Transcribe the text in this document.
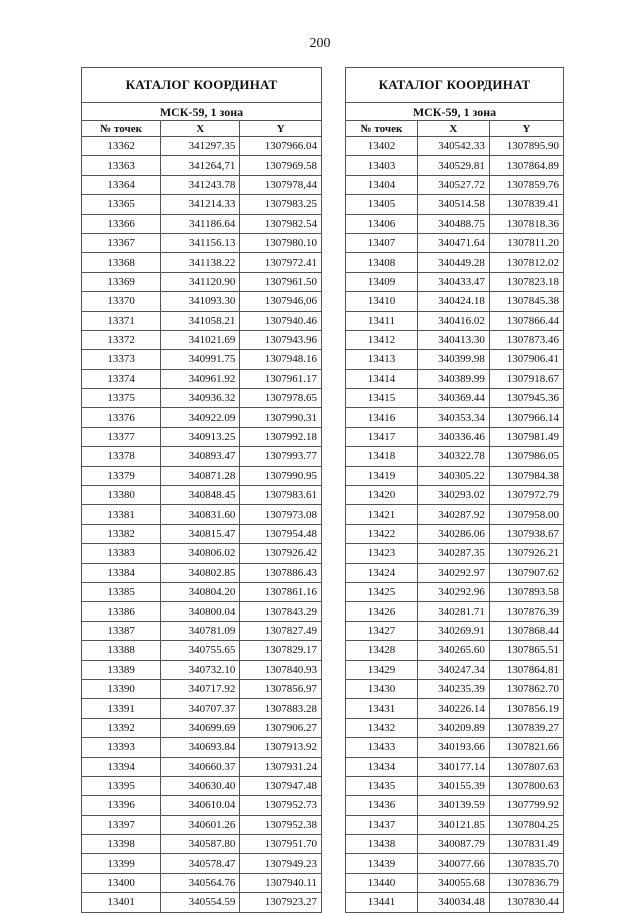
200
КАТАЛОГ КООРДИНАТ		
МСК-59, 1 зона		
№ точек	X	Y
13362	341297.35	1307966.04
13363	341264,71	1307969.58
13364	341243.78	1307978,44
13365	341214.33	1307983.25
13366	341186.64	1307982.54
13367	341156.13	1307980.10
13368	341138.22	1307972.41
13369	341120.90	1307961.50
13370	341093.30	1307946,06
13371	341058.21	1307940.46
13372	341021.69	1307943.96
13373	340991.75	1307948.16
13374	340961.92	1307961.17
13375	340936.32	1307978.65
13376	340922.09	1307990.31
13377	340913.25	1307992.18
13378	340893.47	1307993.77
13379	340871.28	1307990.95
13380	340848.45	1307983.61
13381	340831.60	1307973.08
13382	340815.47	1307954.48
13383	340806.02	1307926.42
13384	340802.85	1307886.43
13385	340804.20	1307861.16
13386	340800.04	1307843.29
13387	340781.09	1307827.49
13388	340755.65	1307829.17
13389	340732.10	1307840.93
13390	340717.92	1307856.97
13391	340707.37	1307883.28
13392	340699.69	1307906.27
13393	340693.84	1307913.92
13394	340660.37	1307931.24
13395	340630.40	1307947.48
13396	340610.04	1307952.73
13397	340601.26	1307952.38
13398	340587.80	1307951.70
13399	340578.47	1307949.23
13400	340564.76	1307940.11
13401	340554.59	1307923.27
КАТАЛОГ КООРДИНАТ		
МСК-59, 1 зона		
№ точек	X	Y
13402	340542.33	1307895.90
13403	340529.81	1307864.89
13404	340527.72	1307859.76
13405	340514.58	1307839.41
13406	340488.75	1307818.36
13407	340471.64	1307811.20
13408	340449.28	1307812.02
13409	340433.47	1307823.18
13410	340424.18	1307845.38
13411	340416.02	1307866.44
13412	340413.30	1307873.46
13413	340399.98	1307906.41
13414	340389.99	1307918.67
13415	340369.44	1307945.36
13416	340353.34	1307966.14
13417	340336.46	1307981.49
13418	340322.78	1307986.05
13419	340305.22	1307984.38
13420	340293.02	1307972.79
13421	340287.92	1307958.00
13422	340286.06	1307938.67
13423	340287.35	1307926.21
13424	340292.97	1307907.62
13425	340292.96	1307893.58
13426	340281.71	1307876.39
13427	340269.91	1307868.44
13428	340265.60	1307865.51
13429	340247.34	1307864.81
13430	340235.39	1307862.70
13431	340226.14	1307856.19
13432	340209.89	1307839.27
13433	340193.66	1307821.66
13434	340177.14	1307807.63
13435	340155.39	1307800.63
13436	340139.59	1307799.92
13437	340121.85	1307804.25
13438	340087.79	1307831.49
13439	340077.66	1307835.70
13440	340055.68	1307836.79
13441	340034.48	1307830.44
